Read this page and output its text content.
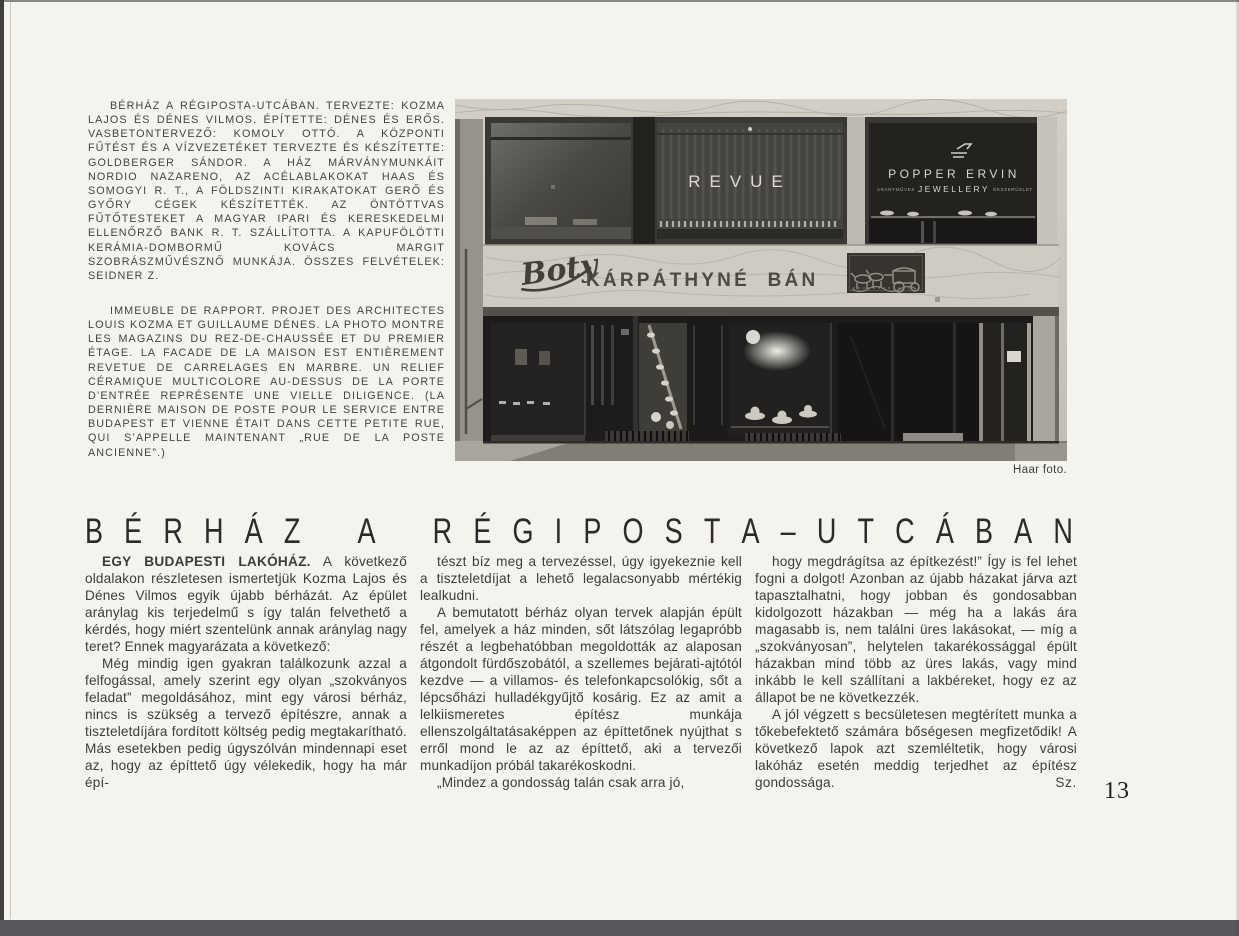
BÉRHÁZ A RÉGIPOSTA-UTCÁBAN. TERVEZTE: KOZMA LAJOS ÉS DÉNES VILMOS. ÉPÍTETTE: DÉNES ÉS ERŐS. VASBETONTERVEZŐ: KOMOLY OTTÓ. A KÖZPONTI FŰTÉST ÉS A VÍZVEZETÉKET TERVEZTE ÉS KÉSZÍTETTE: GOLDBERGER SÁNDOR. A HÁZ MÁRVÁNYMUNKÁIT NORDIO NAZARENO, AZ ACÉLABLAKOKAT HAAS ÉS SOMOGYI R. T., A FÖLDSZINTI KIRAKATOKAT GERŐ ÉS GYŐRY CÉGEK KÉSZÍTETTÉK. AZ ÖNTÖTTVAS FŰTŐTESTEKET A MAGYAR IPARI ÉS KERESKEDELMI ELLENŐRZŐ BANK R. T. SZÁLLÍTOTTA. A KAPUFÖLÖTTI KERÁMIA-DOMBORMŰ KOVÁCS MARGIT SZOBRÁSZMŰVÉSZNŐ MUNKÁJA. ÖSSZES FELVÉTELEK: SEIDNER Z.
IMMEUBLE DE RAPPORT. PROJET DES ARCHITECTES LOUIS KOZMA ET GUILLAUME DÉNES. LA PHOTO MONTRE LES MAGAZINS DU REZ-DE-CHAUSSÉE ET DU PREMIER ÉTAGE. LA FACADE DE LA MAISON EST ENTIÈREMENT REVETUE DE CARRELAGES EN MARBRE. UN RELIEF CÉRAMIQUE MULTICOLORE AU-DESSUS DE LA PORTE D’ENTRÉE REPRÉSENTE UNE VIELLE DILIGENCE. (LA DERNIÈRE MAISON DE POSTE POUR LE SERVICE ENTRE BUDAPEST ET VIENNE ÉTAIT DANS CETTE PETITE RUE, QUI S’APPELLE MAINTENANT „RUE DE LA POSTE ANCIENNE”.)
REVUE	POPPER ERVIN
ARANYMŰVES JEWELLERY ÉKSZERÜZLET
Boty
KÁRPÁTHYNÉ BÁN
Haar foto.
B É R H Á Z
A
R É G I P O S T A – U T C Á B A N

EGY BUDAPESTI LAKÓHÁZ. A következő oldalakon részletesen ismertetjük Kozma Lajos és Dénes Vilmos egyik újabb bérházát. Az épület aránylag kis terjedelmű s így talán felvethető a kérdés, hogy miért szentelünk annak aránylag nagy teret? Ennek magyarázata a következő:

Még mindig igen gyakran találkozunk azzal a felfogással, amely szerint egy olyan „szokványos feladat” megoldásához, mint egy városi bérház, nincs is szükség a tervező építészre, annak a tiszteletdíjára fordított költség pedig megtakarítható. Más esetekben pedig úgyszólván mindennapi eset az, hogy az építtető úgy vélekedik, hogy ha már épí-

tészt bíz meg a tervezéssel, úgy igyekeznie kell a tiszteletdíjat a lehető legalacsonyabb mértékig lealkudni.

A bemutatott bérház olyan tervek alapján épült fel, amelyek a ház minden, sőt látszólag legapróbb részét a legbehatóbban megoldották az alaposan átgondolt fürdőszobától, a szellemes bejárati-ajtótól kezdve — a villamos- és telefonkapcsolókig, sőt a lépcsőházi hulladékgyűjtő kosárig. Ez az amit a lelkiismeretes építész munkája ellenszolgáltatásaképpen az építtetőnek nyújthat s erről mond le az az építtető, aki a tervezői munkadíjon próbál takarékoskodni.

„Mindez a gondosság talán csak arra jó,

hogy megdrágítsa az építkezést!” Így is fel lehet fogni a dolgot! Azonban az újabb házakat járva azt tapasztalhatni, hogy jobban és gondosabban kidolgozott házakban — még ha a lakás ára magasabb is, nem találni üres lakásokat, — míg a „szokványosan”, helytelen takarékossággal épült házakban mind több az üres lakás, vagy mind inkább le kell szállítani a lakbéreket, hogy ez az állapot be ne következzék.

A jól végzett s becsületesen megtérített munka a tőkebefektető számára bőségesen megfizetődik! A következő lapok azt szemléltetik, hogy városi lakóház esetén meddig terjedhet az építész gondossága.	Sz. 13
